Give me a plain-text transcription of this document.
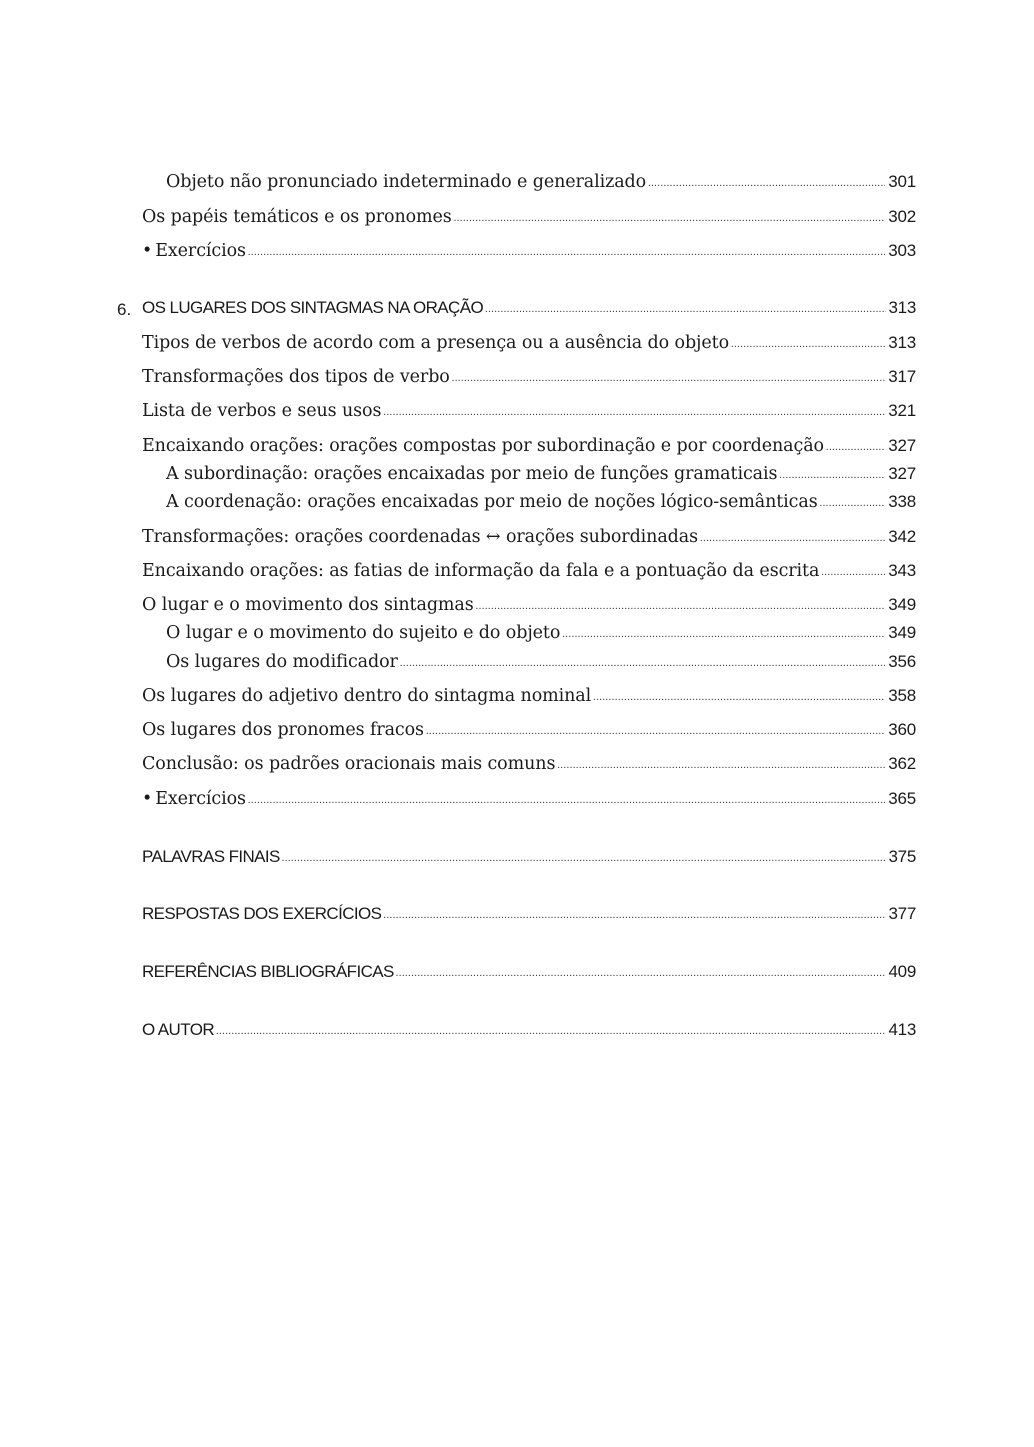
Objeto não pronunciado indeterminado e generalizado .....	301
Os papéis temáticos e os pronomes .....	302
• Exercícios .....	303
6. OS LUGARES DOS SINTAGMAS NA ORAÇÃO .....	313
Tipos de verbos de acordo com a presença ou a ausência do objeto .....	313
Transformações dos tipos de verbo .....	317
Lista de verbos e seus usos .....	321
Encaixando orações: orações compostas por subordinação e por coordenação .....	327
A subordinação: orações encaixadas por meio de funções gramaticais .....	327
A coordenação: orações encaixadas por meio de noções lógico-semânticas .....	338
Transformações: orações coordenadas ↔ orações subordinadas .....	342
Encaixando orações: as fatias de informação da fala e a pontuação da escrita .....	343
O lugar e o movimento dos sintagmas .....	349
O lugar e o movimento do sujeito e do objeto .....	349
Os lugares do modificador .....	356
Os lugares do adjetivo dentro do sintagma nominal .....	358
Os lugares dos pronomes fracos .....	360
Conclusão: os padrões oracionais mais comuns .....	362
• Exercícios .....	365
PALAVRAS FINAIS .....	375
RESPOSTAS DOS EXERCÍCIOS .....	377
REFERÊNCIAS BIBLIOGRÁFICAS .....	409
O AUTOR .....	413
